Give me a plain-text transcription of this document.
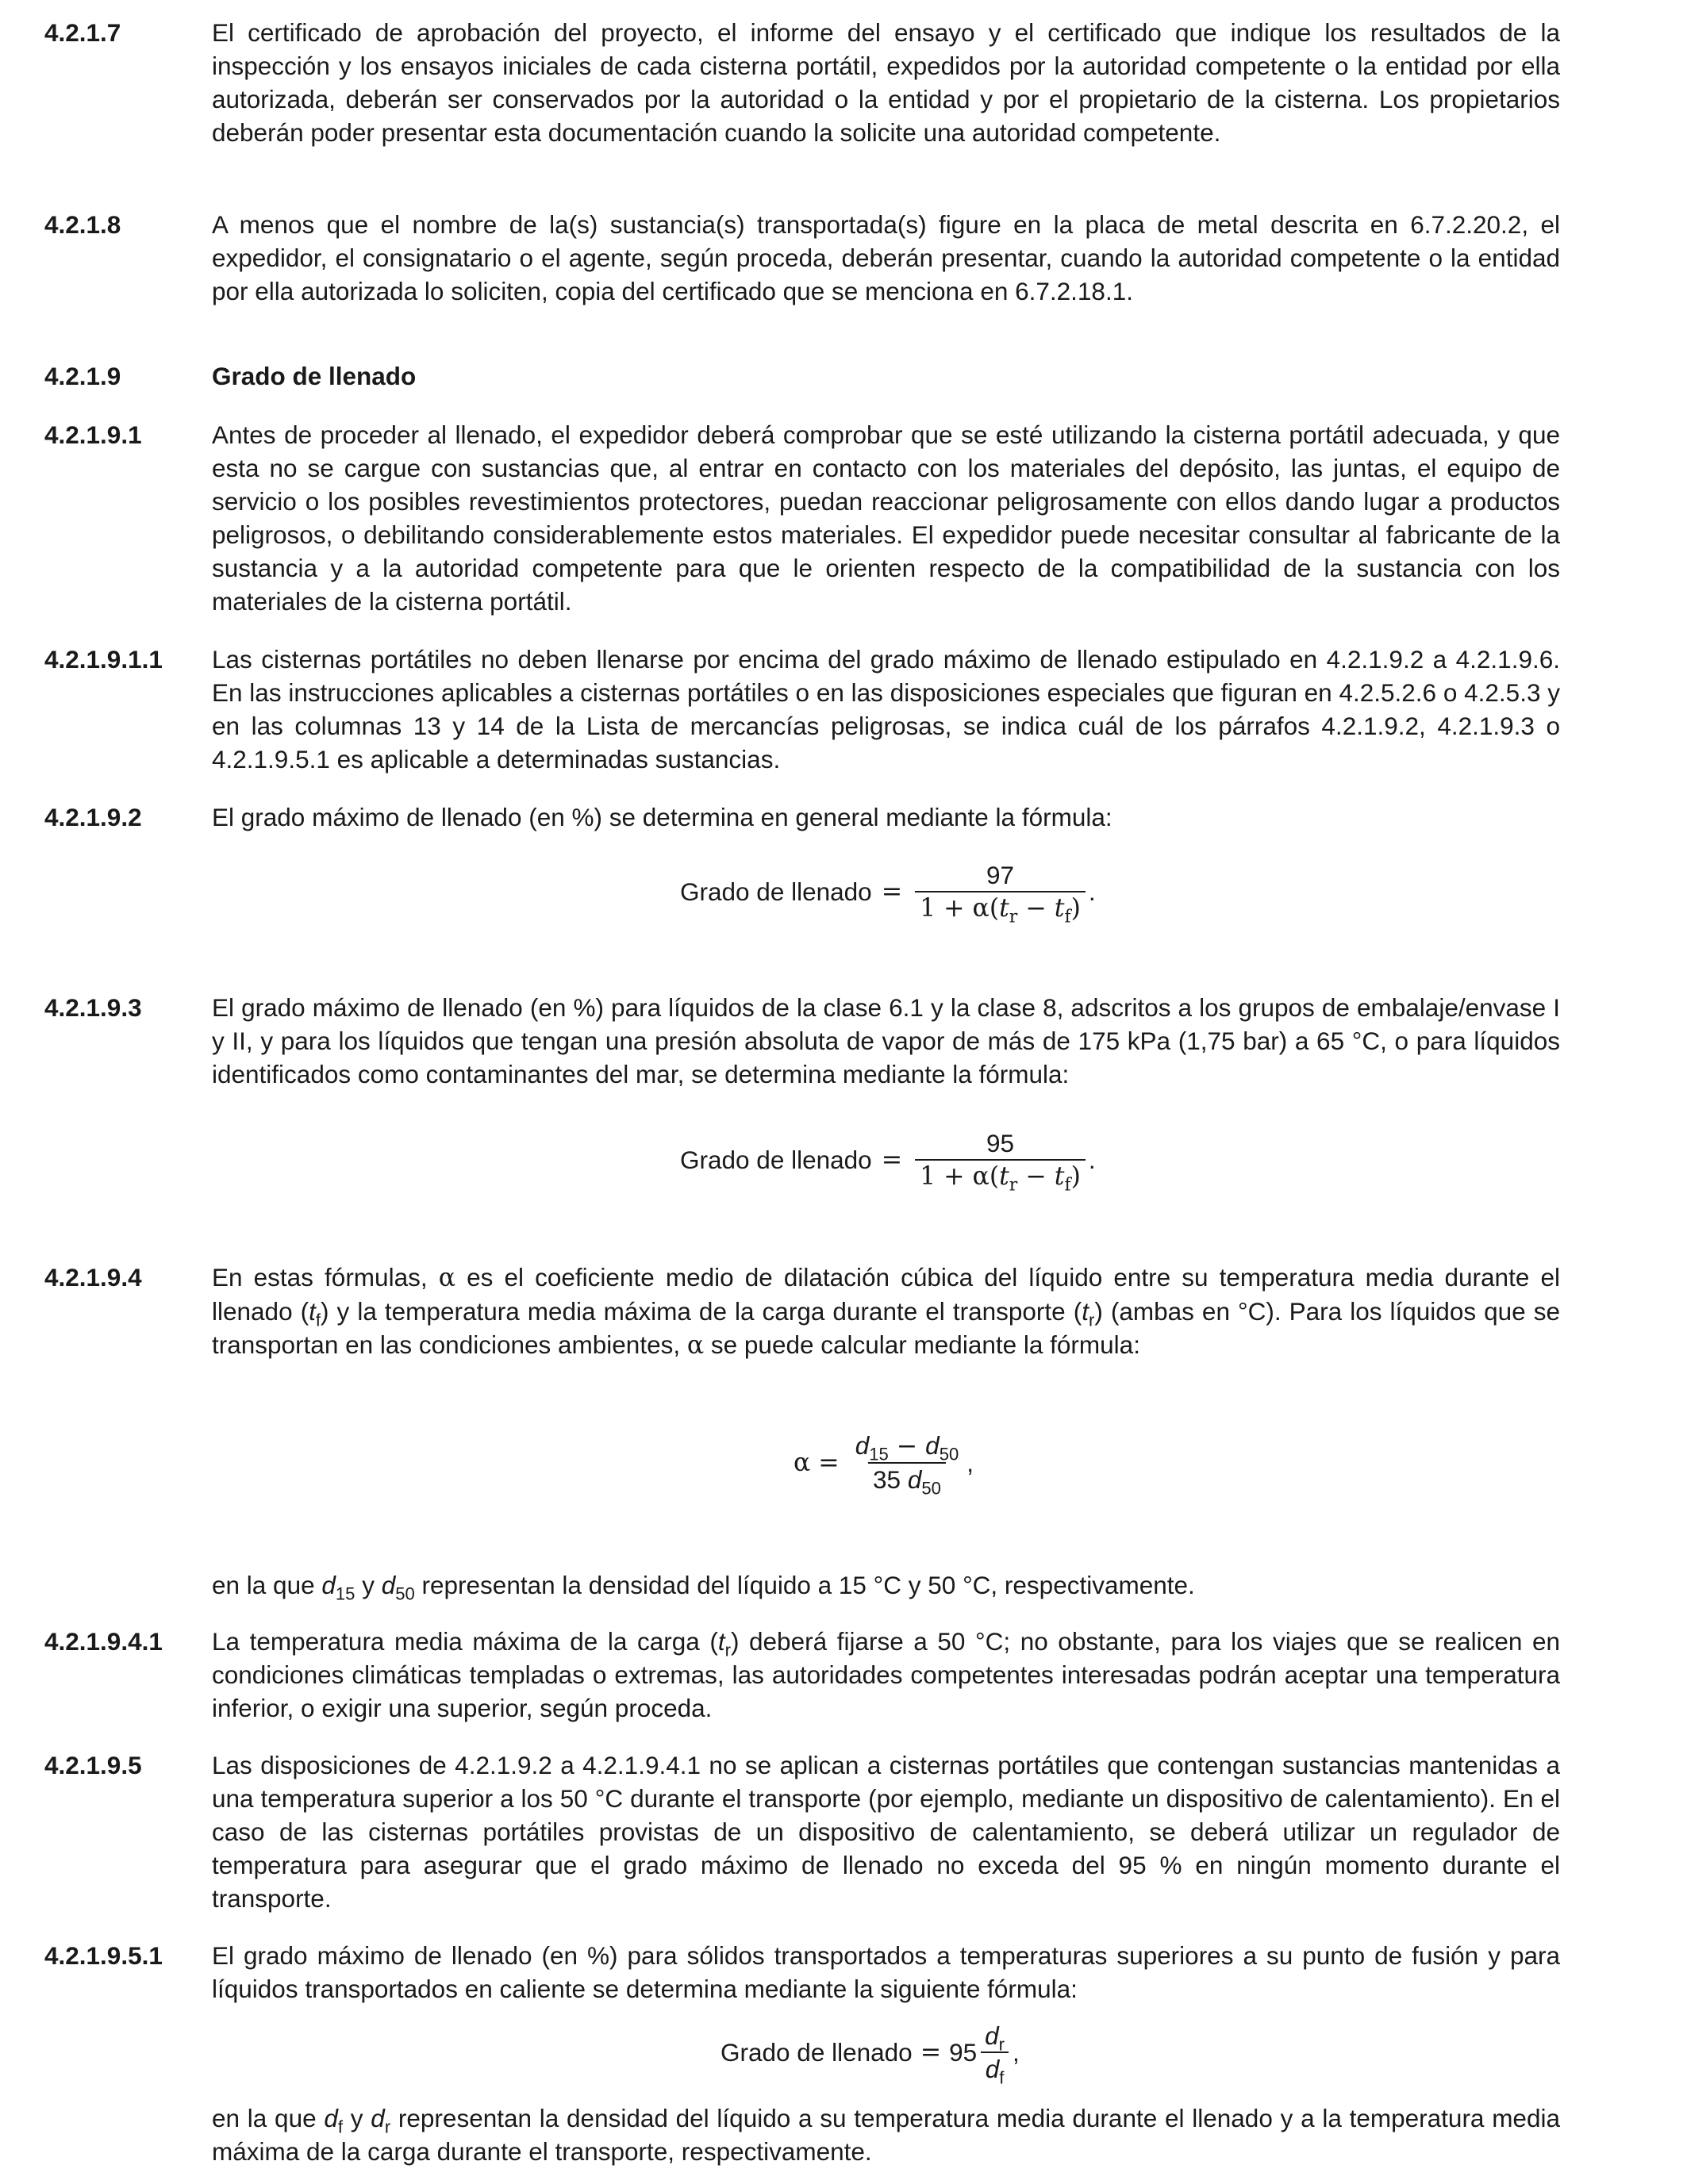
4.2.1.7	El certificado de aprobación del proyecto, el informe del ensayo y el certificado que indique los resultados de la inspección y los ensayos iniciales de cada cisterna portátil, expedidos por la autoridad competente o la entidad por ella autorizada, deberán ser conservados por la autoridad o la entidad y por el propietario de la cisterna. Los propietarios deberán poder presentar esta documentación cuando la solicite una autoridad competente.
4.2.1.8	A menos que el nombre de la(s) sustancia(s) transportada(s) figure en la placa de metal descrita en 6.7.2.20.2, el expedidor, el consignatario o el agente, según proceda, deberán presentar, cuando la autoridad competente o la entidad por ella autorizada lo soliciten, copia del certificado que se menciona en 6.7.2.18.1.
4.2.1.9	Grado de llenado
4.2.1.9.1	Antes de proceder al llenado, el expedidor deberá comprobar que se esté utilizando la cisterna portátil adecuada, y que esta no se cargue con sustancias que, al entrar en contacto con los materiales del depósito, las juntas, el equipo de servicio o los posibles revestimientos protectores, puedan reaccionar peligrosamente con ellos dando lugar a productos peligrosos, o debilitando considerablemente estos materiales. El expedidor puede necesitar consultar al fabricante de la sustancia y a la autoridad competente para que le orienten respecto de la compatibilidad de la sustancia con los materiales de la cisterna portátil.
4.2.1.9.1.1	Las cisternas portátiles no deben llenarse por encima del grado máximo de llenado estipulado en 4.2.1.9.2 a 4.2.1.9.6. En las instrucciones aplicables a cisternas portátiles o en las disposiciones especiales que figuran en 4.2.5.2.6 o 4.2.5.3 y en las columnas 13 y 14 de la Lista de mercancías peligrosas, se indica cuál de los párrafos 4.2.1.9.2, 4.2.1.9.3 o 4.2.1.9.5.1 es aplicable a determinadas sustancias.
4.2.1.9.2	El grado máximo de llenado (en %) se determina en general mediante la fórmula:
Grado de llenado = $\frac{97}{1 + \alpha(t_r - t_f)}$ .
4.2.1.9.3	El grado máximo de llenado (en %) para líquidos de la clase 6.1 y la clase 8, adscritos a los grupos de embalaje/envase I y II, y para los líquidos que tengan una presión absoluta de vapor de más de 175 kPa (1,75 bar) a 65 °C, o para líquidos identificados como contaminantes del mar, se determina mediante la fórmula:
Grado de llenado = $\frac{95}{1 + \alpha(t_r - t_f)}$ .
4.2.1.9.4	En estas fórmulas, α es el coeficiente medio de dilatación cúbica del líquido entre su temperatura media durante el llenado $(t_f)$ y la temperatura media máxima de la carga durante el transporte $(t_r)$ (ambas en °C). Para los líquidos que se transportan en las condiciones ambientes, α se puede calcular mediante la fórmula:
$\alpha = \frac{d_{15} - d_{50}}{35 d_{50}}$ ,
en la que $d_{15}$ y $d_{50}$ representan la densidad del líquido a 15 °C y 50 °C, respectivamente.
4.2.1.9.4.1	La temperatura media máxima de la carga $(t_r)$ deberá fijarse a 50 °C; no obstante, para los viajes que se realicen en condiciones climáticas templadas o extremas, las autoridades competentes interesadas podrán aceptar una temperatura inferior, o exigir una superior, según proceda.
4.2.1.9.5	Las disposiciones de 4.2.1.9.2 a 4.2.1.9.4.1 no se aplican a cisternas portátiles que contengan sustancias mantenidas a una temperatura superior a los 50 °C durante el transporte (por ejemplo, mediante un dispositivo de calentamiento). En el caso de las cisternas portátiles provistas de un dispositivo de calentamiento, se deberá utilizar un regulador de temperatura para asegurar que el grado máximo de llenado no exceda del 95 % en ningún momento durante el transporte.
4.2.1.9.5.1	El grado máximo de llenado (en %) para sólidos transportados a temperaturas superiores a su punto de fusión y para líquidos transportados en caliente se determina mediante la siguiente fórmula:
Grado de llenado = $95 \frac{d_r}{d_f}$ ,
en la que $d_f$ y $d_r$ representan la densidad del líquido a su temperatura media durante el llenado y a la temperatura media máxima de la carga durante el transporte, respectivamente.
